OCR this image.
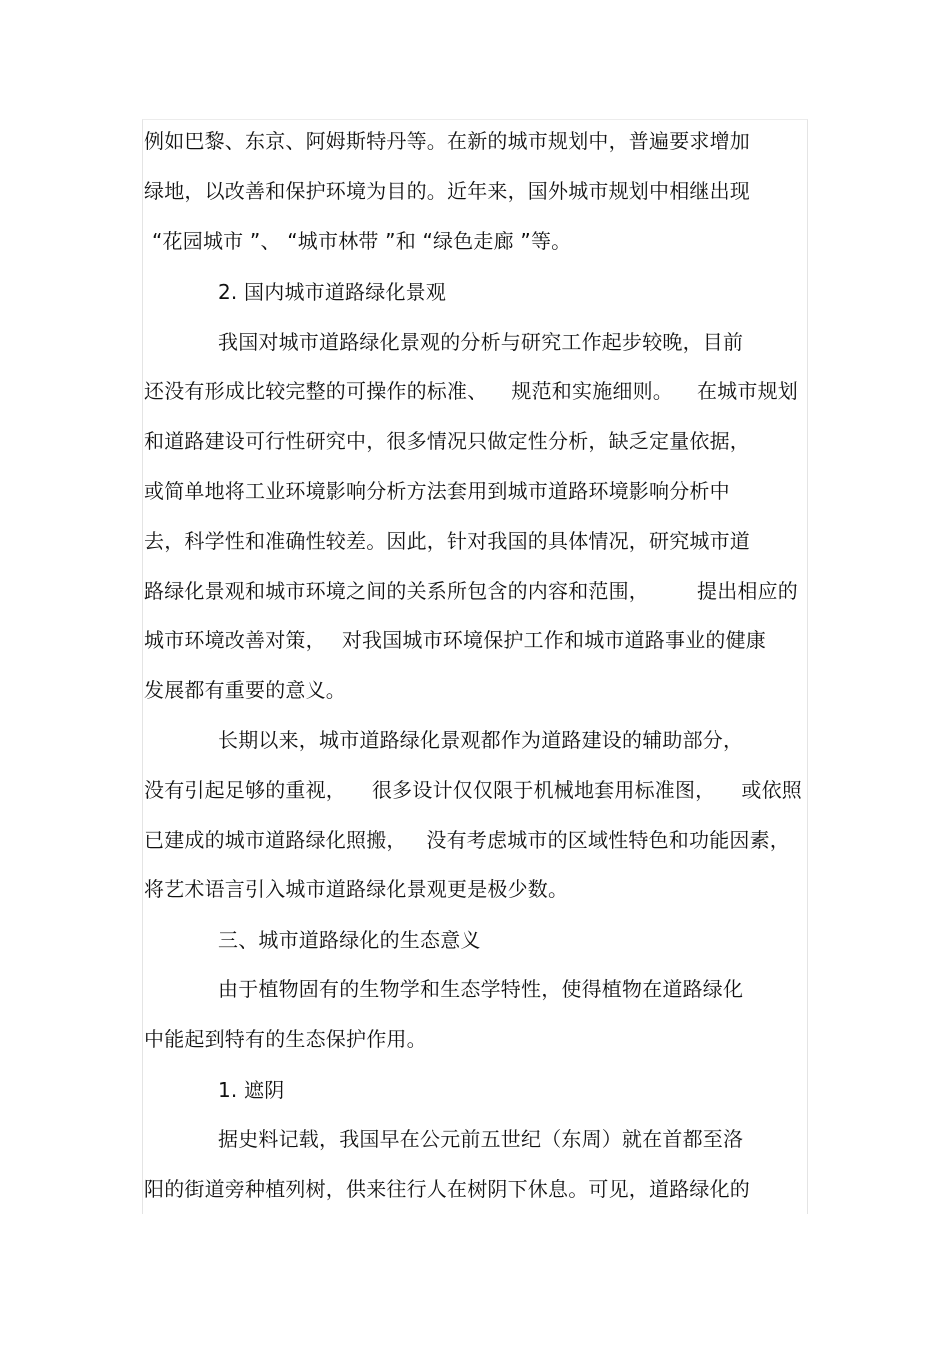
例如巴黎、东京、阿姆斯特丹等。在新的城市规划中，普遍要求增加
绿地，以改善和保护环境为目的。近年来，国外城市规划中相继出现
“花园城市 ”、 “城市林带 ”和 “绿色走廊 ”等。
2. 国内城市道路绿化景观
我国对城市道路绿化景观的分析与研究工作起步较晚，目前
还没有形成比较完整的可操作的标准、 规范和实施细则。 在城市规划
和道路建设可行性研究中，很多情况只做定性分析，缺乏定量依据，
或简单地将工业环境影响分析方法套用到城市道路环境影响分析中
去，科学性和准确性较差。因此，针对我国的具体情况，研究城市道
路绿化景观和城市环境之间的关系所包含的内容和范围， 提出相应的
城市环境改善对策， 对我国城市环境保护工作和城市道路事业的健康
发展都有重要的意义。
长期以来，城市道路绿化景观都作为道路建设的辅助部分，
没有引起足够的重视， 很多设计仅仅限于机械地套用标准图， 或依照
已建成的城市道路绿化照搬， 没有考虑城市的区域性特色和功能因素，
将艺术语言引入城市道路绿化景观更是极少数。
三、城市道路绿化的生态意义
由于植物固有的生物学和生态学特性，使得植物在道路绿化
中能起到特有的生态保护作用。
1. 遮阴
据史料记载，我国早在公元前五世纪（东周）就在首都至洛
阳的街道旁种植列树，供来往行人在树阴下休息。可见，道路绿化的
